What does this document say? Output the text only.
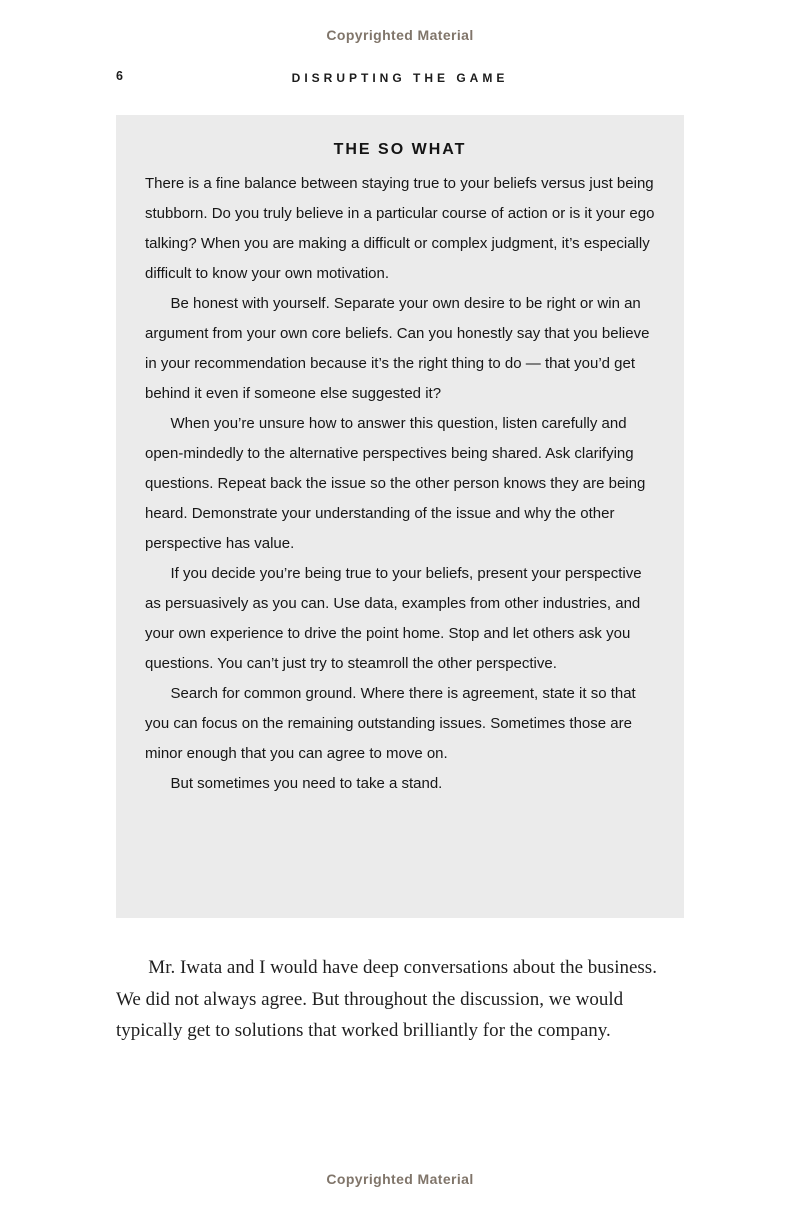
Copyrighted Material
6	DISRUPTING THE GAME
THE SO WHAT

There is a fine balance between staying true to your beliefs versus just being stubborn. Do you truly believe in a particular course of action or is it your ego talking? When you are making a difficult or complex judgment, it’s especially difficult to know your own motivation.

Be honest with yourself. Separate your own desire to be right or win an argument from your own core beliefs. Can you honestly say that you believe in your recommendation because it’s the right thing to do — that you’d get behind it even if someone else suggested it?

When you’re unsure how to answer this question, listen carefully and open-mindedly to the alternative perspectives being shared. Ask clarifying questions. Repeat back the issue so the other person knows they are being heard. Demonstrate your understanding of the issue and why the other perspective has value.

If you decide you’re being true to your beliefs, present your perspective as persuasively as you can. Use data, examples from other industries, and your own experience to drive the point home. Stop and let others ask you questions. You can’t just try to steamroll the other perspective.

Search for common ground. Where there is agreement, state it so that you can focus on the remaining outstanding issues. Sometimes those are minor enough that you can agree to move on.

But sometimes you need to take a stand.

Mr. Iwata and I would have deep conversations about the business. We did not always agree. But throughout the discussion, we would typically get to solutions that worked brilliantly for the company.

Copyrighted Material
